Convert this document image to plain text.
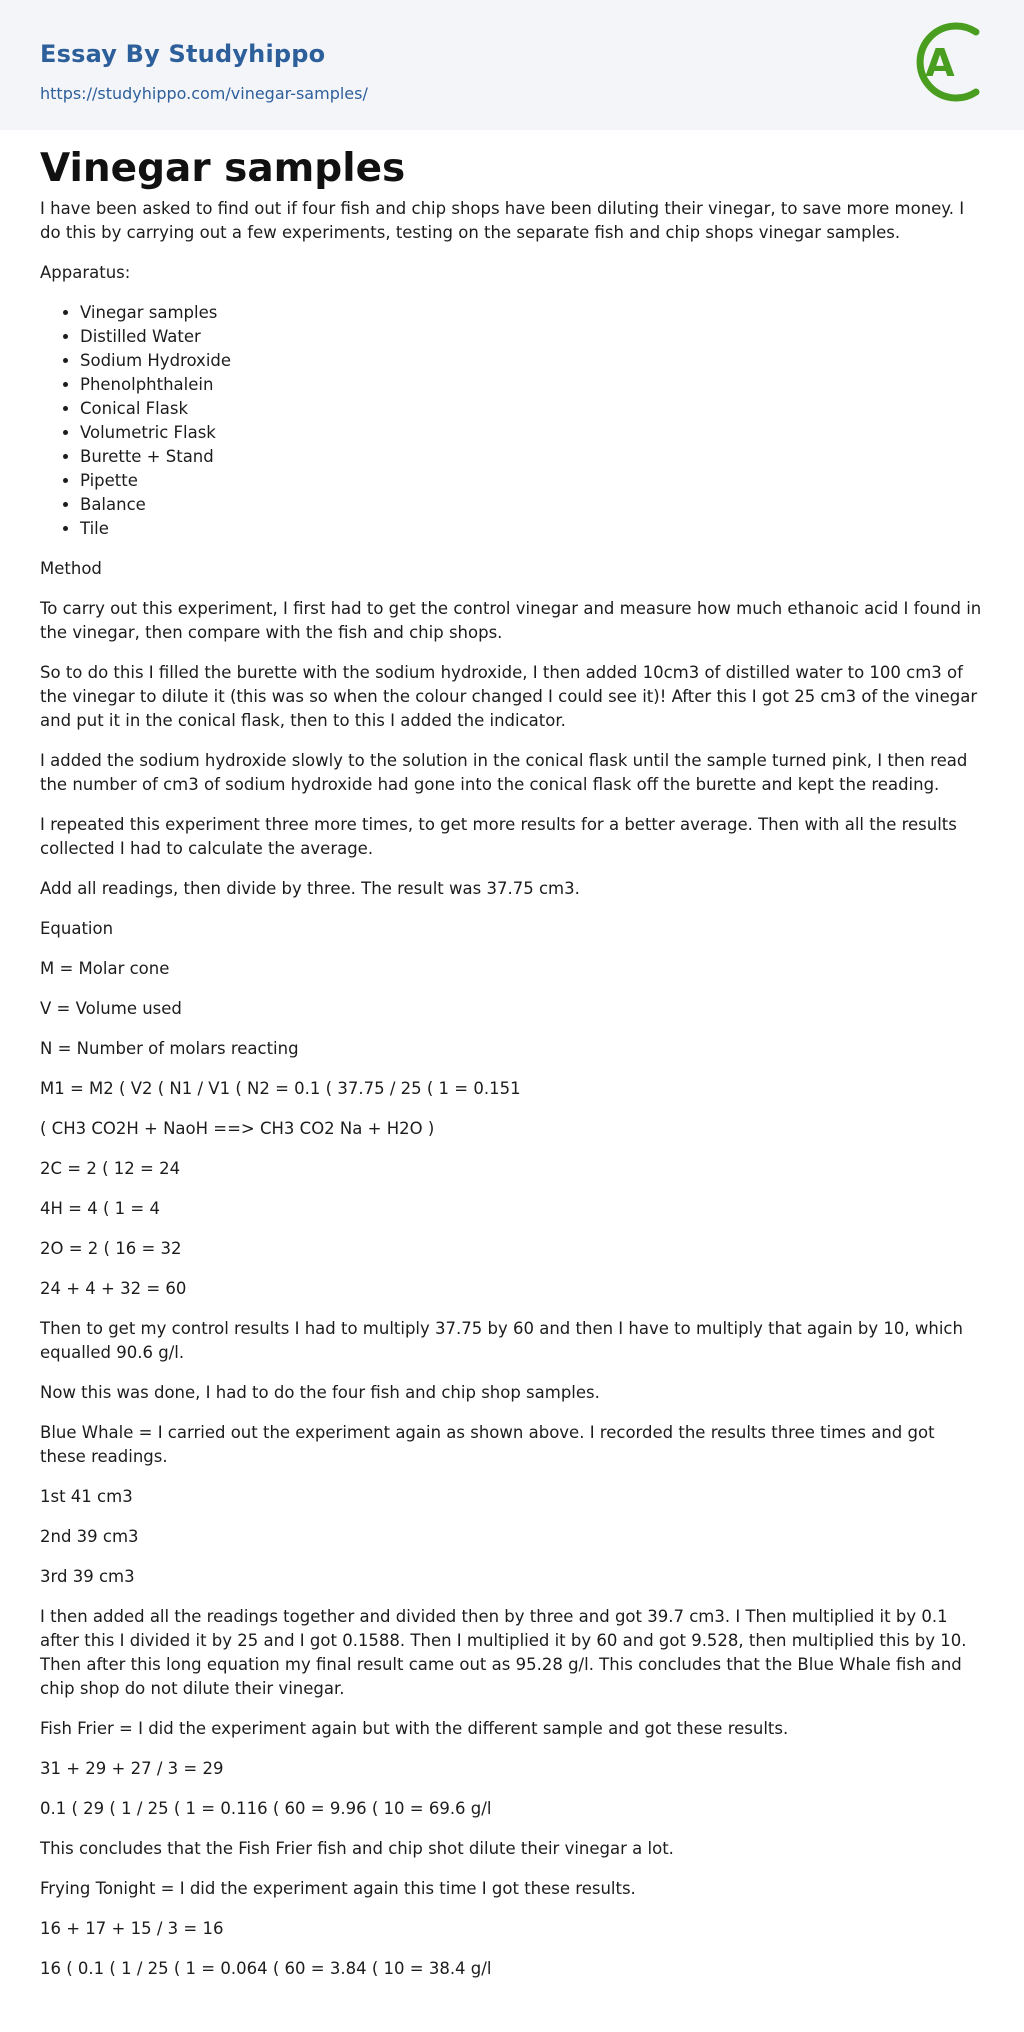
Essay By Studyhippo
https://studyhippo.com/vinegar-samples/
A
Vinegar samples

I have been asked to find out if four fish and chip shops have been diluting their vinegar, to save more money. I do this by carrying out a few experiments, testing on the separate fish and chip shops vinegar samples.

Apparatus:

• Vinegar samples
• Distilled Water
• Sodium Hydroxide
• Phenolphthalein
• Conical Flask
• Volumetric Flask
• Burette + Stand
• Pipette
• Balance
• Tile

Method

To carry out this experiment, I first had to get the control vinegar and measure how much ethanoic acid I found in the vinegar, then compare with the fish and chip shops.

So to do this I filled the burette with the sodium hydroxide, I then added 10cm3 of distilled water to 100 cm3 of the vinegar to dilute it (this was so when the colour changed I could see it)! After this I got 25 cm3 of the vinegar and put it in the conical flask, then to this I added the indicator.

I added the sodium hydroxide slowly to the solution in the conical flask until the sample turned pink, I then read the number of cm3 of sodium hydroxide had gone into the conical flask off the burette and kept the reading.

I repeated this experiment three more times, to get more results for a better average. Then with all the results collected I had to calculate the average.

Add all readings, then divide by three. The result was 37.75 cm3.

Equation

M = Molar cone

V = Volume used

N = Number of molars reacting

M1 = M2 ( V2 ( N1 / V1 ( N2 = 0.1 ( 37.75 / 25 ( 1 = 0.151

( CH3 CO2H + NaoH ==> CH3 CO2 Na + H2O )

2C = 2 ( 12 = 24

4H = 4 ( 1 = 4

2O = 2 ( 16 = 32

24 + 4 + 32 = 60

Then to get my control results I had to multiply 37.75 by 60 and then I have to multiply that again by 10, which equalled 90.6 g/l.

Now this was done, I had to do the four fish and chip shop samples.

Blue Whale = I carried out the experiment again as shown above. I recorded the results three times and got these readings.

1st 41 cm3

2nd 39 cm3

3rd 39 cm3

I then added all the readings together and divided then by three and got 39.7 cm3. I Then multiplied it by 0.1 after this I divided it by 25 and I got 0.1588. Then I multiplied it by 60 and got 9.528, then multiplied this by 10. Then after this long equation my final result came out as 95.28 g/l. This concludes that the Blue Whale fish and chip shop do not dilute their vinegar.

Fish Frier = I did the experiment again but with the different sample and got these results.

31 + 29 + 27 / 3 = 29

0.1 ( 29 ( 1 / 25 ( 1 = 0.116 ( 60 = 9.96 ( 10 = 69.6 g/l

This concludes that the Fish Frier fish and chip shot dilute their vinegar a lot.

Frying Tonight = I did the experiment again this time I got these results.

16 + 17 + 15 / 3 = 16

16 ( 0.1 ( 1 / 25 ( 1 = 0.064 ( 60 = 3.84 ( 10 = 38.4 g/l
